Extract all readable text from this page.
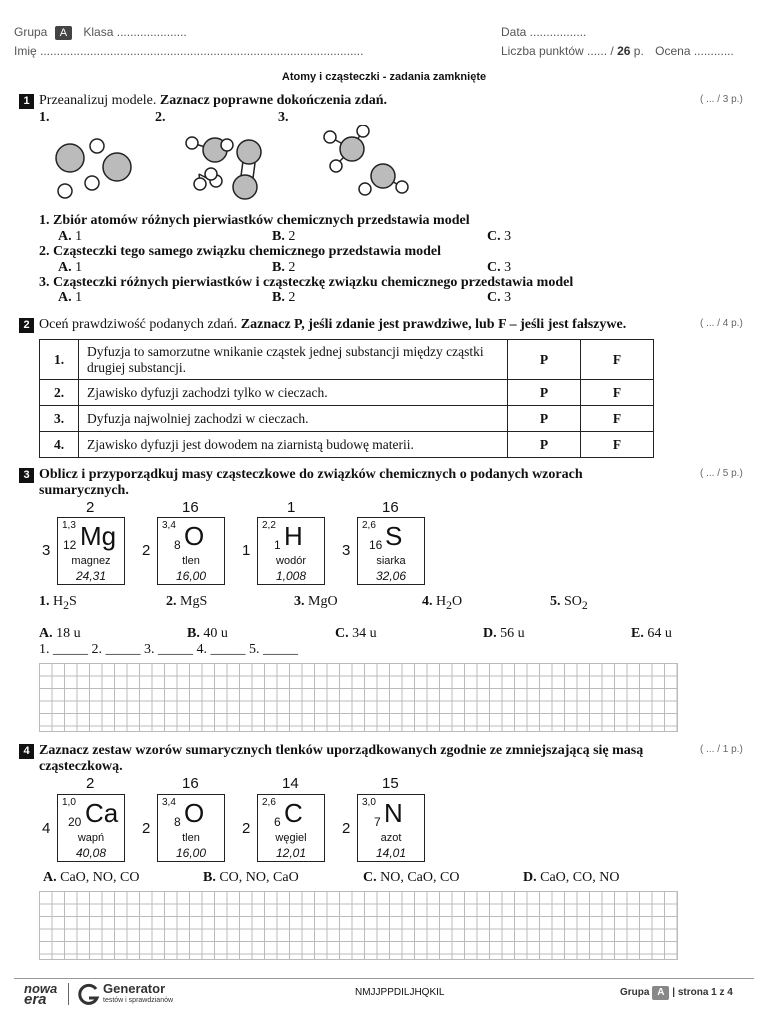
Grupa A Klasa .....................
Imię .................................................................................................
Data .................
Liczba punktów ...... / 26 p. Ocena ............
Atomy i cząsteczki - zadania zamknięte
1 Przeanalizuj modele. Zaznacz poprawne dokończenia zdań.	( ... / 3 p.)
1.	2.	3.
1. Zbiór atomów różnych pierwiastków chemicznych przedstawia model
A. 1	B. 2	C. 3
2. Cząsteczki tego samego związku chemicznego przedstawia model
A. 1	B. 2	C. 3
3. Cząsteczki różnych pierwiastków i cząsteczkę związku chemicznego przedstawia model
A. 1	B. 2	C. 3
2 Oceń prawdziwość podanych zdań. Zaznacz P, jeśli zdanie jest prawdziwe, lub F – jeśli jest fałszywe.	( ... / 4 p.)
1.	Dyfuzja to samorzutne wnikanie cząstek jednej substancji między cząstki drugiej substancji.	P	F
2.	Zjawisko dyfuzji zachodzi tylko w cieczach.	P	F
3.	Dyfuzja najwolniej zachodzi w cieczach.	P	F
4.	Zjawisko dyfuzji jest dowodem na ziarnistą budowę materii.	P	F
3 Oblicz i przyporządkuj masy cząsteczkowe do związków chemicznych o podanych wzorach sumarycznych.
( ... / 5 p.)
2
3
1,3
12 Mg
magnez
24,31
16
2
3,4
8 O
tlen
16,00
1
1
2,2
1 H
wodór
1,008
16
3
2,6
16 S
siarka
32,06
1. $H_2S$	2. MgS	3. MgO	4. $H_2O$	5. $SO_2$
A. 18 u	B. 40 u	C. 34 u	D. 56 u	E. 64 u
1. _____ 2. _____ 3. _____ 4. _____ 5. _____
4 Zaznacz zestaw wzorów sumarycznych tlenków uporządkowanych zgodnie ze zmniejszającą się masą cząsteczkową.
( ... / 1 p.)
2
4
1,0
20 Ca
wapń
40,08
16
2
3,4
8 O
tlen
16,00
14
2
2,6
6 C
węgiel
12,01
15
2
3,0
7 N
azot
14,01
A. CaO, NO, CO	B. CO, NO, CaO	C. NO, CaO, CO	D. CaO, CO, NO
nowa
era
Generator
testów i sprawdzianów
NMJJPPDILJHQKIL	Grupa A | strona 1 z 4
